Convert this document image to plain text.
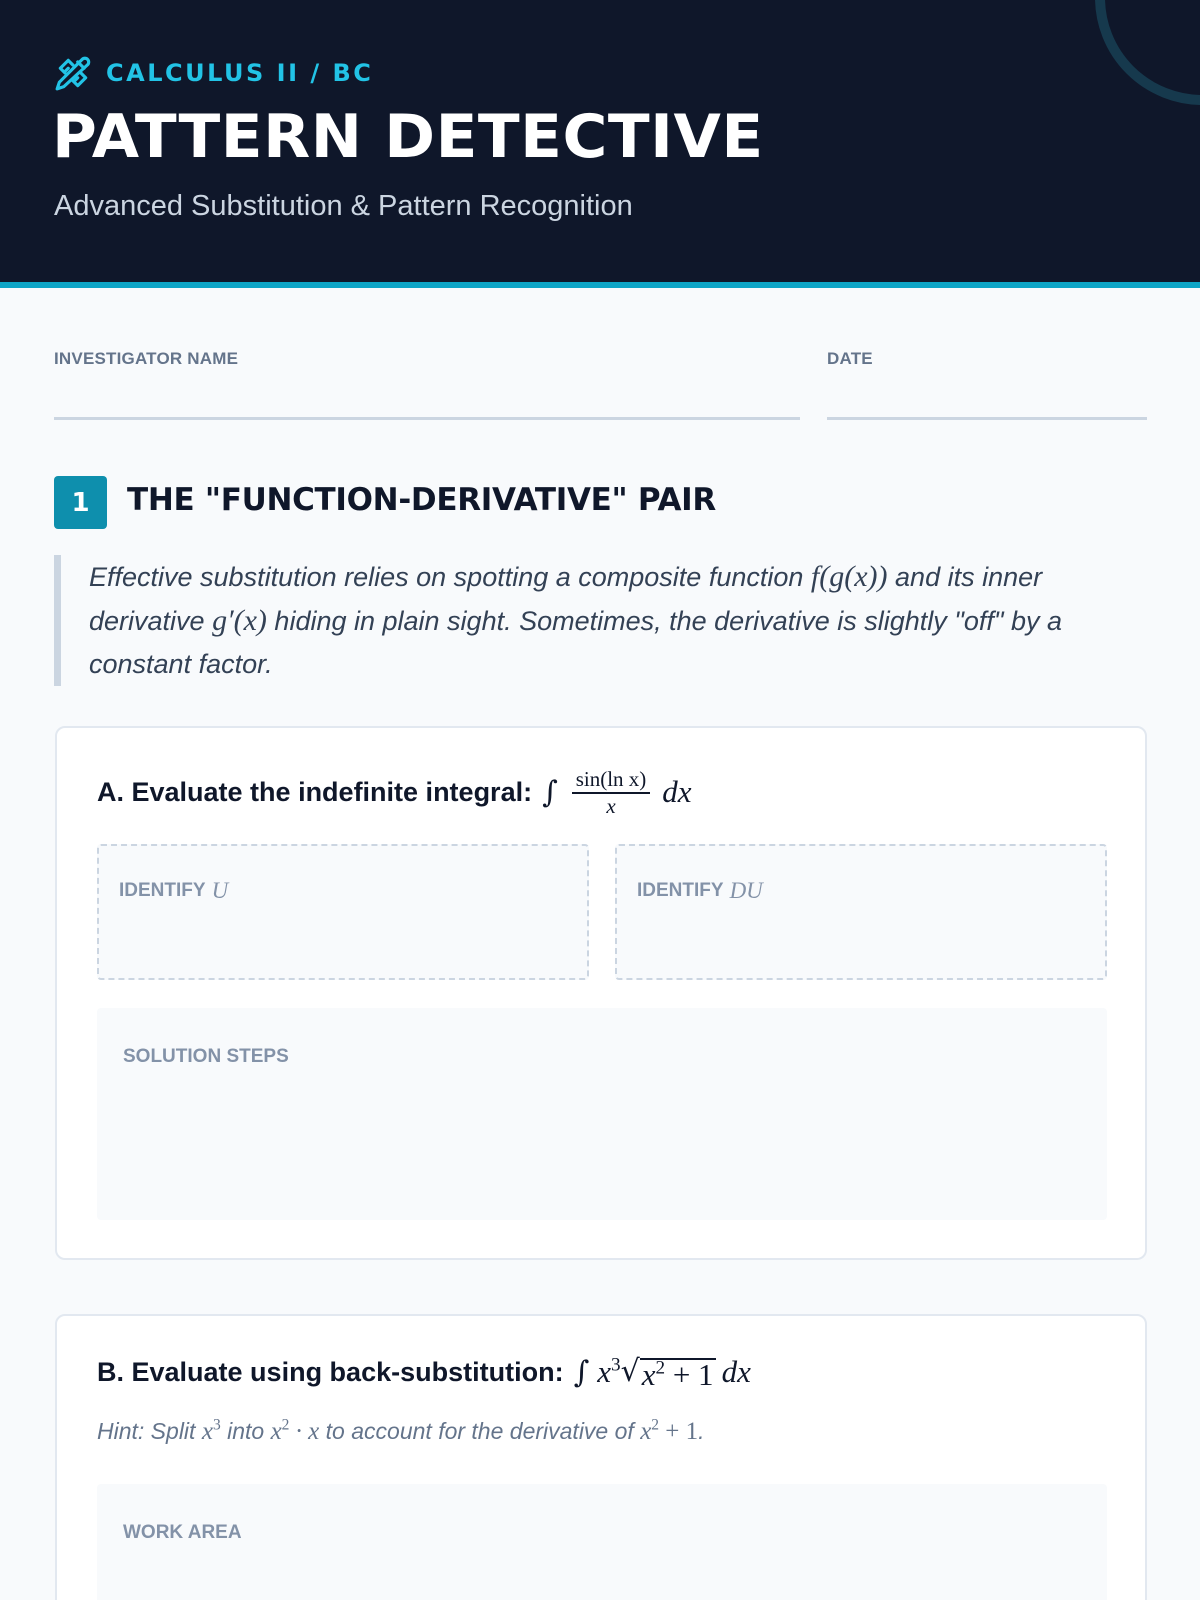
CALCULUS II / BC
PATTERN DETECTIVE
Advanced Substitution & Pattern Recognition
INVESTIGATOR NAME	DATE
1	THE "FUNCTION-DERIVATIVE" PAIR
Effective substitution relies on spotting a composite function f(g(x)) and its inner derivative g′(x) hiding in plain sight. Sometimes, the derivative is slightly "off" by a constant factor.
A. Evaluate the indefinite integral: ∫ $\frac{\text{sin(ln x)}}{x}$ dx
IDENTIFY U	IDENTIFY DU
SOLUTION STEPS
B. Evaluate using back-substitution: ∫ $x^3$ √ $x^2 + 1$ dx
Hint: Split $x^3$ into $x^2 \cdot x$ to account for the derivative of $x^2 + 1$.
WORK AREA
